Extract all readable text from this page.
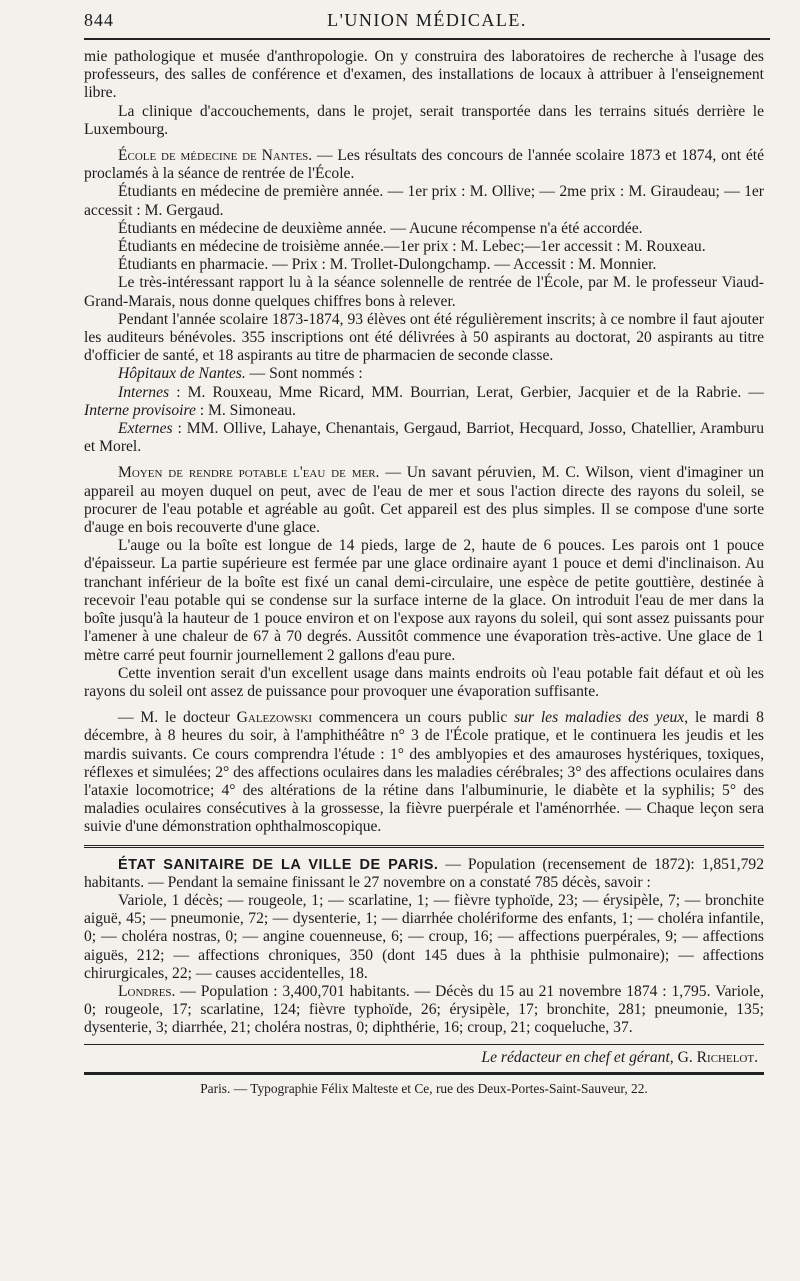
844	L'UNION MÉDICALE.

mie pathologique et musée d'anthropologie. On y construira des laboratoires de recherche à l'usage des professeurs, des salles de conférence et d'examen, des installations de locaux à attribuer à l'enseignement libre.

La clinique d'accouchements, dans le projet, serait transportée dans les terrains situés derrière le Luxembourg.

École de médecine de Nantes. — Les résultats des concours de l'année scolaire 1873 et 1874, ont été proclamés à la séance de rentrée de l'École.

Étudiants en médecine de première année. — 1er prix : M. Ollive; — 2me prix : M. Giraudeau; — 1er accessit : M. Gergaud.

Étudiants en médecine de deuxième année. — Aucune récompense n'a été accordée.

Étudiants en médecine de troisième année.—1er prix : M. Lebec;—1er accessit : M. Rouxeau.

Étudiants en pharmacie. — Prix : M. Trollet-Dulongchamp. — Accessit : M. Monnier.

Le très-intéressant rapport lu à la séance solennelle de rentrée de l'École, par M. le professeur Viaud-Grand-Marais, nous donne quelques chiffres bons à relever.

Pendant l'année scolaire 1873-1874, 93 élèves ont été régulièrement inscrits; à ce nombre il faut ajouter les auditeurs bénévoles. 355 inscriptions ont été délivrées à 50 aspirants au doctorat, 20 aspirants au titre d'officier de santé, et 18 aspirants au titre de pharmacien de seconde classe.

Hôpitaux de Nantes. — Sont nommés :

Internes : M. Rouxeau, Mme Ricard, MM. Bourrian, Lerat, Gerbier, Jacquier et de la Rabrie. — Interne provisoire : M. Simoneau.

Externes : MM. Ollive, Lahaye, Chenantais, Gergaud, Barriot, Hecquard, Josso, Chatellier, Aramburu et Morel.

Moyen de rendre potable l'eau de mer. — Un savant péruvien, M. C. Wilson, vient d'imaginer un appareil au moyen duquel on peut, avec de l'eau de mer et sous l'action directe des rayons du soleil, se procurer de l'eau potable et agréable au goût. Cet appareil est des plus simples. Il se compose d'une sorte d'auge en bois recouverte d'une glace.

L'auge ou la boîte est longue de 14 pieds, large de 2, haute de 6 pouces. Les parois ont 1 pouce d'épaisseur. La partie supérieure est fermée par une glace ordinaire ayant 1 pouce et demi d'inclinaison. Au tranchant inférieur de la boîte est fixé un canal demi-circulaire, une espèce de petite gouttière, destinée à recevoir l'eau potable qui se condense sur la surface interne de la glace. On introduit l'eau de mer dans la boîte jusqu'à la hauteur de 1 pouce environ et on l'expose aux rayons du soleil, qui sont assez puissants pour l'amener à une chaleur de 67 à 70 degrés. Aussitôt commence une évaporation très-active. Une glace de 1 mètre carré peut fournir journellement 2 gallons d'eau pure.

Cette invention serait d'un excellent usage dans maints endroits où l'eau potable fait défaut et où les rayons du soleil ont assez de puissance pour provoquer une évaporation suffisante.

— M. le docteur Galezowski commencera un cours public sur les maladies des yeux, le mardi 8 décembre, à 8 heures du soir, à l'amphithéâtre n° 3 de l'École pratique, et le continuera les jeudis et les mardis suivants. Ce cours comprendra l'étude : 1° des amblyopies et des amauroses hystériques, toxiques, réflexes et simulées; 2° des affections oculaires dans les maladies cérébrales; 3° des affections oculaires dans l'ataxie locomotrice; 4° des altérations de la rétine dans l'albuminurie, le diabète et la syphilis; 5° des maladies oculaires consécutives à la grossesse, la fièvre puerpérale et l'aménorrhée. — Chaque leçon sera suivie d'une démonstration ophthalmoscopique.

ÉTAT SANITAIRE DE LA VILLE DE PARIS. — Population (recensement de 1872): 1,851,792 habitants. — Pendant la semaine finissant le 27 novembre on a constaté 785 décès, savoir :

Variole, 1 décès; — rougeole, 1; — scarlatine, 1; — fièvre typhoïde, 23; — érysipèle, 7; — bronchite aiguë, 45; — pneumonie, 72; — dysenterie, 1; — diarrhée cholériforme des enfants, 1; — choléra infantile, 0; — choléra nostras, 0; — angine couenneuse, 6; — croup, 16; — affections puerpérales, 9; — affections aiguës, 212; — affections chroniques, 350 (dont 145 dues à la phthisie pulmonaire); — affections chirurgicales, 22; — causes accidentelles, 18.

Londres. — Population : 3,400,701 habitants. — Décès du 15 au 21 novembre 1874 : 1,795. Variole, 0; rougeole, 17; scarlatine, 124; fièvre typhoïde, 26; érysipèle, 17; bronchite, 281; pneumonie, 135; dysenterie, 3; diarrhée, 21; choléra nostras, 0; diphthérie, 16; croup, 21; coqueluche, 37.

Le rédacteur en chef et gérant, G. Richelot.

Paris. — Typographie Félix Malteste et Ce, rue des Deux-Portes-Saint-Sauveur, 22.
